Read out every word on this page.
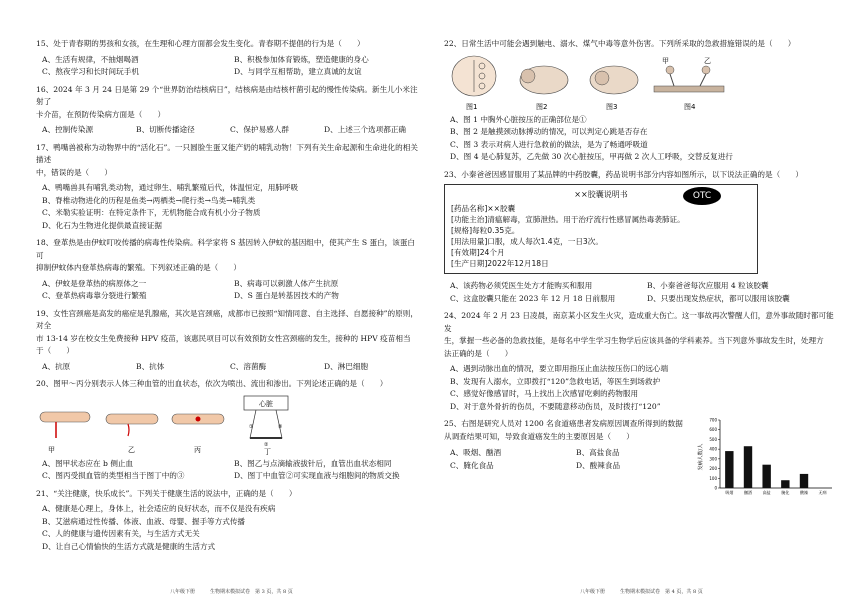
15、处于青春期的男孩和女孩，在生理和心理方面都会发生变化。青春期不提倡的行为是（　　）
A、生活有规律，不抽烟喝酒	B、积极参加体育锻炼，塑造健康的身心
C、熬夜学习和长时间玩手机	D、与同学互相帮助，建立真诚的友谊
16、2024 年 3 月 24 日是第 29 个“世界防治结核病日”，结核病是由结核杆菌引起的慢性传染病。新生儿小米注射了
卡介苗，在预防传染病方面是（　　）
A、控制传染源	B、切断传播途径	C、保护易感人群	D、上述三个选项都正确
17、鸭嘴兽被称为动物界中的“活化石”。一只圆脸生蛋又能产奶的哺乳动物！下列有关生命起源和生命进化的相关描述
中，错误的是（　　）
A、鸭嘴兽具有哺乳类动物，通过卵生、哺乳繁殖后代，体温恒定，用肺呼吸
B、脊椎动物进化的历程是鱼类→两栖类→爬行类→鸟类→哺乳类
C、米勒实验证明：在特定条件下，无机物能合成有机小分子物质
D、化石为生物进化提供最直接证据
18、登革热是由伊蚊叮咬传播的病毒性传染病。科学家将 S 基因转入伊蚊的基因组中，使其产生 S 蛋白，该蛋白可
抑制伊蚊体内登革热病毒的繁殖。下列叙述正确的是（　　）
A、伊蚊是登革热的病原体之一	B、病毒可以刺激人体产生抗原
C、登革热病毒靠分裂进行繁殖	D、S 蛋白是转基因技术的产物
19、女性宫颈癌是高发的癌症是乳腺癌，其次是宫颈癌，成都市已按照“知情同意、自主选择、自愿接种”的原则，对全
市 13-14 岁在校女生免费接种 HPV 疫苗，该惠民项目可以有效预防女性宫颈癌的发生，接种的 HPV 疫苗相当于（　　）
A、抗原	B、抗体	C、溶菌酶	D、淋巴细胞
20、图甲～丙分别表示人体三种血管的出血状态，依次为喷出、流出和渗出。下列论述正确的是（　　）
①
②
③
心脏
甲	乙	丙	丁
A、图甲状态应在 b 侧止血	B、图乙与点滴输液拔针后，血管出血状态相同
C、图丙受损血管的类型相当于图丁中的③	D、图丁中血管②可实现血液与细胞间的物质交换
21、“关注健康，快乐成长”。下列关于健康生活的说法中，正确的是（　　）
A、健康是心理上，身体上，社会适应的良好状态，而不仅是没有疾病
B、艾滋病通过性传播、体液、血液、母婴、握手等方式传播
C、人的健康与遗传因素有关，与生活方式无关
D、让自己心情愉快的生活方式就是健康的生活方式
八年级下册　　　生物期末模拟试卷　第 3 页，共 8 页
22、日常生活中可能会遇到触电、溺水、煤气中毒等意外伤害。下列所采取的急救措施错误的是（　　）
图1	图2	图3	图4
甲	乙
A、图 1 中胸外心脏按压的正确部位是①
B、图 2 是触摸颈动脉搏动的情况，可以判定心跳是否存在
C、图 3 表示对病人进行急救前的做法，是为了畅通呼吸道
D、图 4 是心肺复苏，乙先做 30 次心脏按压，甲再做 2 次人工呼吸，交替反复进行
23、小秦爸爸因感冒服用了某品牌的中药胶囊，药品说明书部分内容如图所示，以下说法正确的是（　　）
××胶囊说明书	OTC
[药品名称]××胶囊
[功能主治]清瘟解毒，宣肺泄热。用于治疗流行性感冒属热毒袭肺证。
[规格]每粒0.35克。
[用法用量]口服，成人每次1.4克，一日3次。
[有效期]24个月
[生产日期]2022年12月18日
A、该药物必须凭医生处方才能购买和服用	B、小秦爸爸每次应服用 4 粒该胶囊
C、这盒胶囊只能在 2023 年 12 月 18 日前服用	D、只要出现发热症状，都可以服用该胶囊
24、2024 年 2 月 23 日凌晨，南京某小区发生火灾，造成重大伤亡。这一事故再次警醒人们，意外事故随时都可能发
生，掌握一些必备的急救技能，是每名中学生学习生物学后应该具备的学科素养。当下列意外事故发生时，处理方
法正确的是（　　）
A、遇到动脉出血的情况，要立即用指压止血法按压伤口的远心端
B、发现有人溺水，立即拨打“120”急救电话，等医生到场救护
C、感觉好像感冒时，马上找出上次感冒吃剩的药物服用
D、对于意外骨折的伤员，不要随意移动伤员，及时拨打“120”
25、右图是研究人员对 1200 名食道癌患者发病原因调查所得到的数据
从调查结果可知，导致食道癌发生的主要原因是（　　）
A、吸烟、酗酒	B、高盐食品
C、腌化食品	D、酸辣食品	发病人数/人
0
100
200
300
400
500
600
700
吸烟	酗酒	高盐	腌化	酸辣	无病
八年级下册　　　生物期末模拟试卷　第 4 页，共 8 页
